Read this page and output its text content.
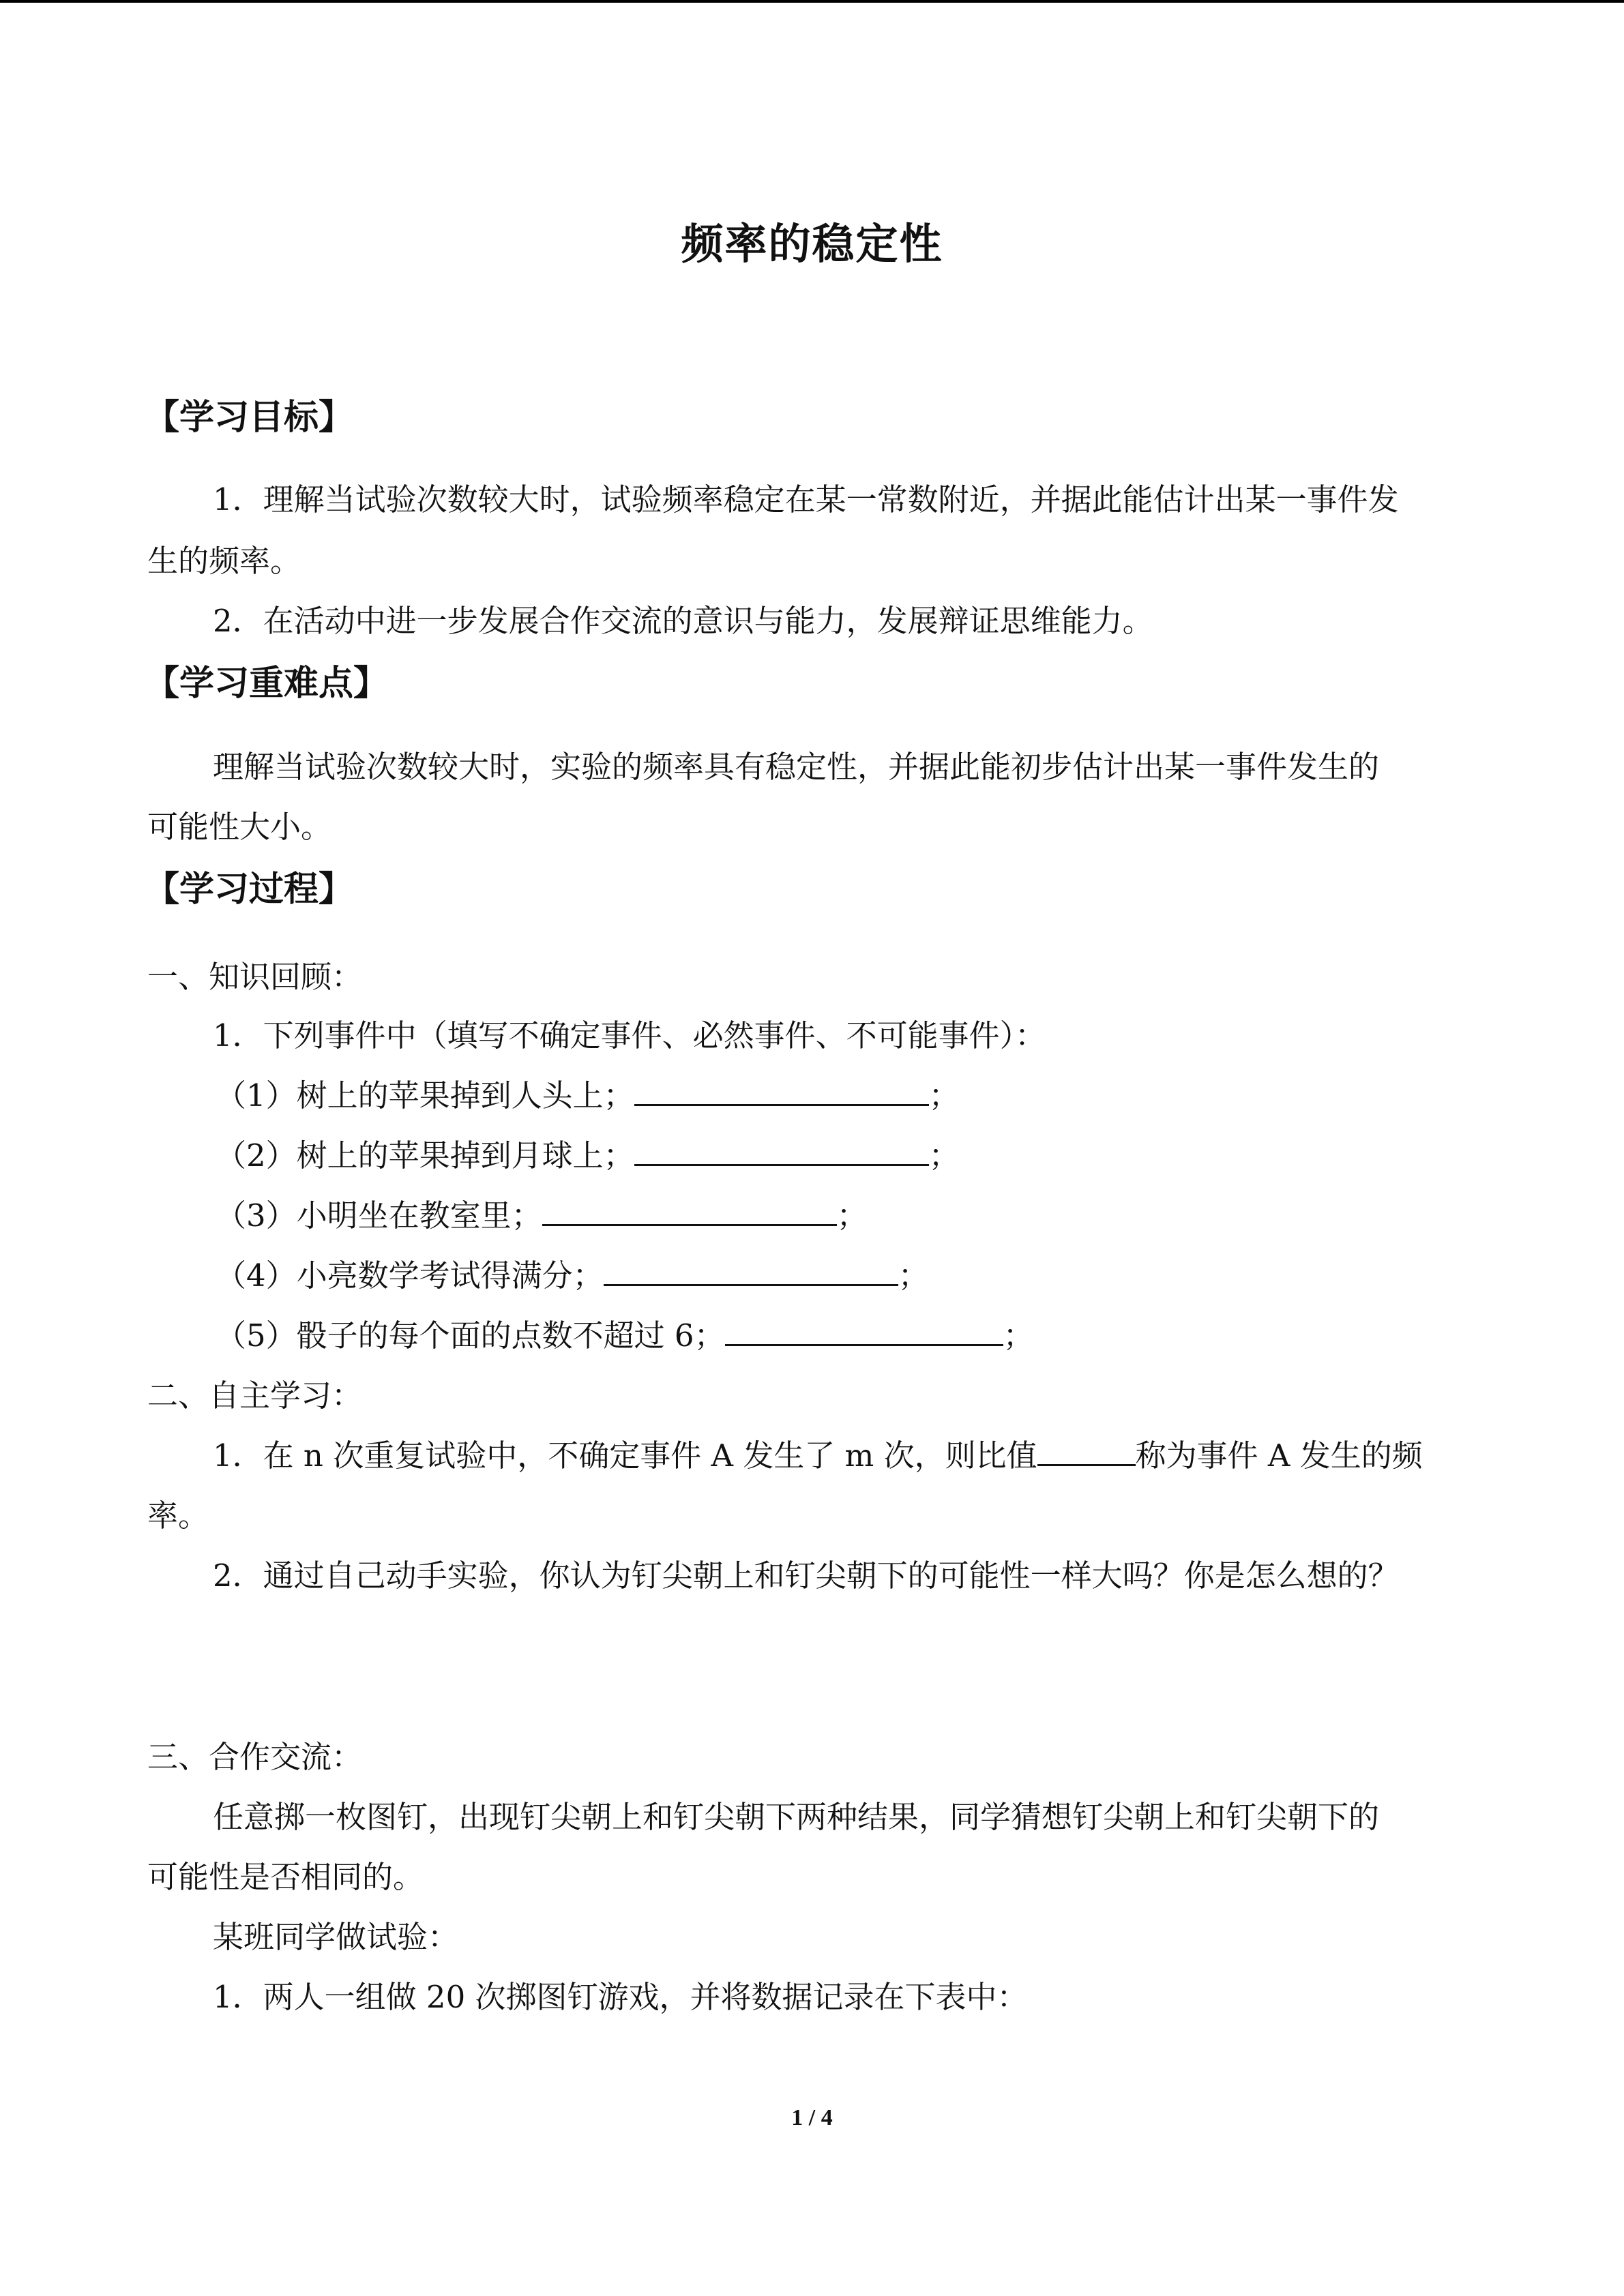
频率的稳定性
【学习目标】
1．理解当试验次数较大时，试验频率稳定在某一常数附近，并据此能估计出某一事件发
生的频率。
2．在活动中进一步发展合作交流的意识与能力，发展辩证思维能力。
【学习重难点】
理解当试验次数较大时，实验的频率具有稳定性，并据此能初步估计出某一事件发生的
可能性大小。
【学习过程】
一、知识回顾：
1．下列事件中（填写不确定事件、必然事件、不可能事件）：
（1）树上的苹果掉到人头上；	；
（2）树上的苹果掉到月球上；	；
（3）小明坐在教室里；	；
（4）小亮数学考试得满分；	；
（5）骰子的每个面的点数不超过 6；	；
二、自主学习：
1．在 n 次重复试验中，不确定事件 A 发生了 m 次，则比值	称为事件 A 发生的频
率。
2．通过自己动手实验，你认为钉尖朝上和钉尖朝下的可能性一样大吗？你是怎么想的？
三、合作交流：
任意掷一枚图钉，出现钉尖朝上和钉尖朝下两种结果，同学猜想钉尖朝上和钉尖朝下的
可能性是否相同的。
某班同学做试验：
1．两人一组做 20 次掷图钉游戏，并将数据记录在下表中：
1 / 4
